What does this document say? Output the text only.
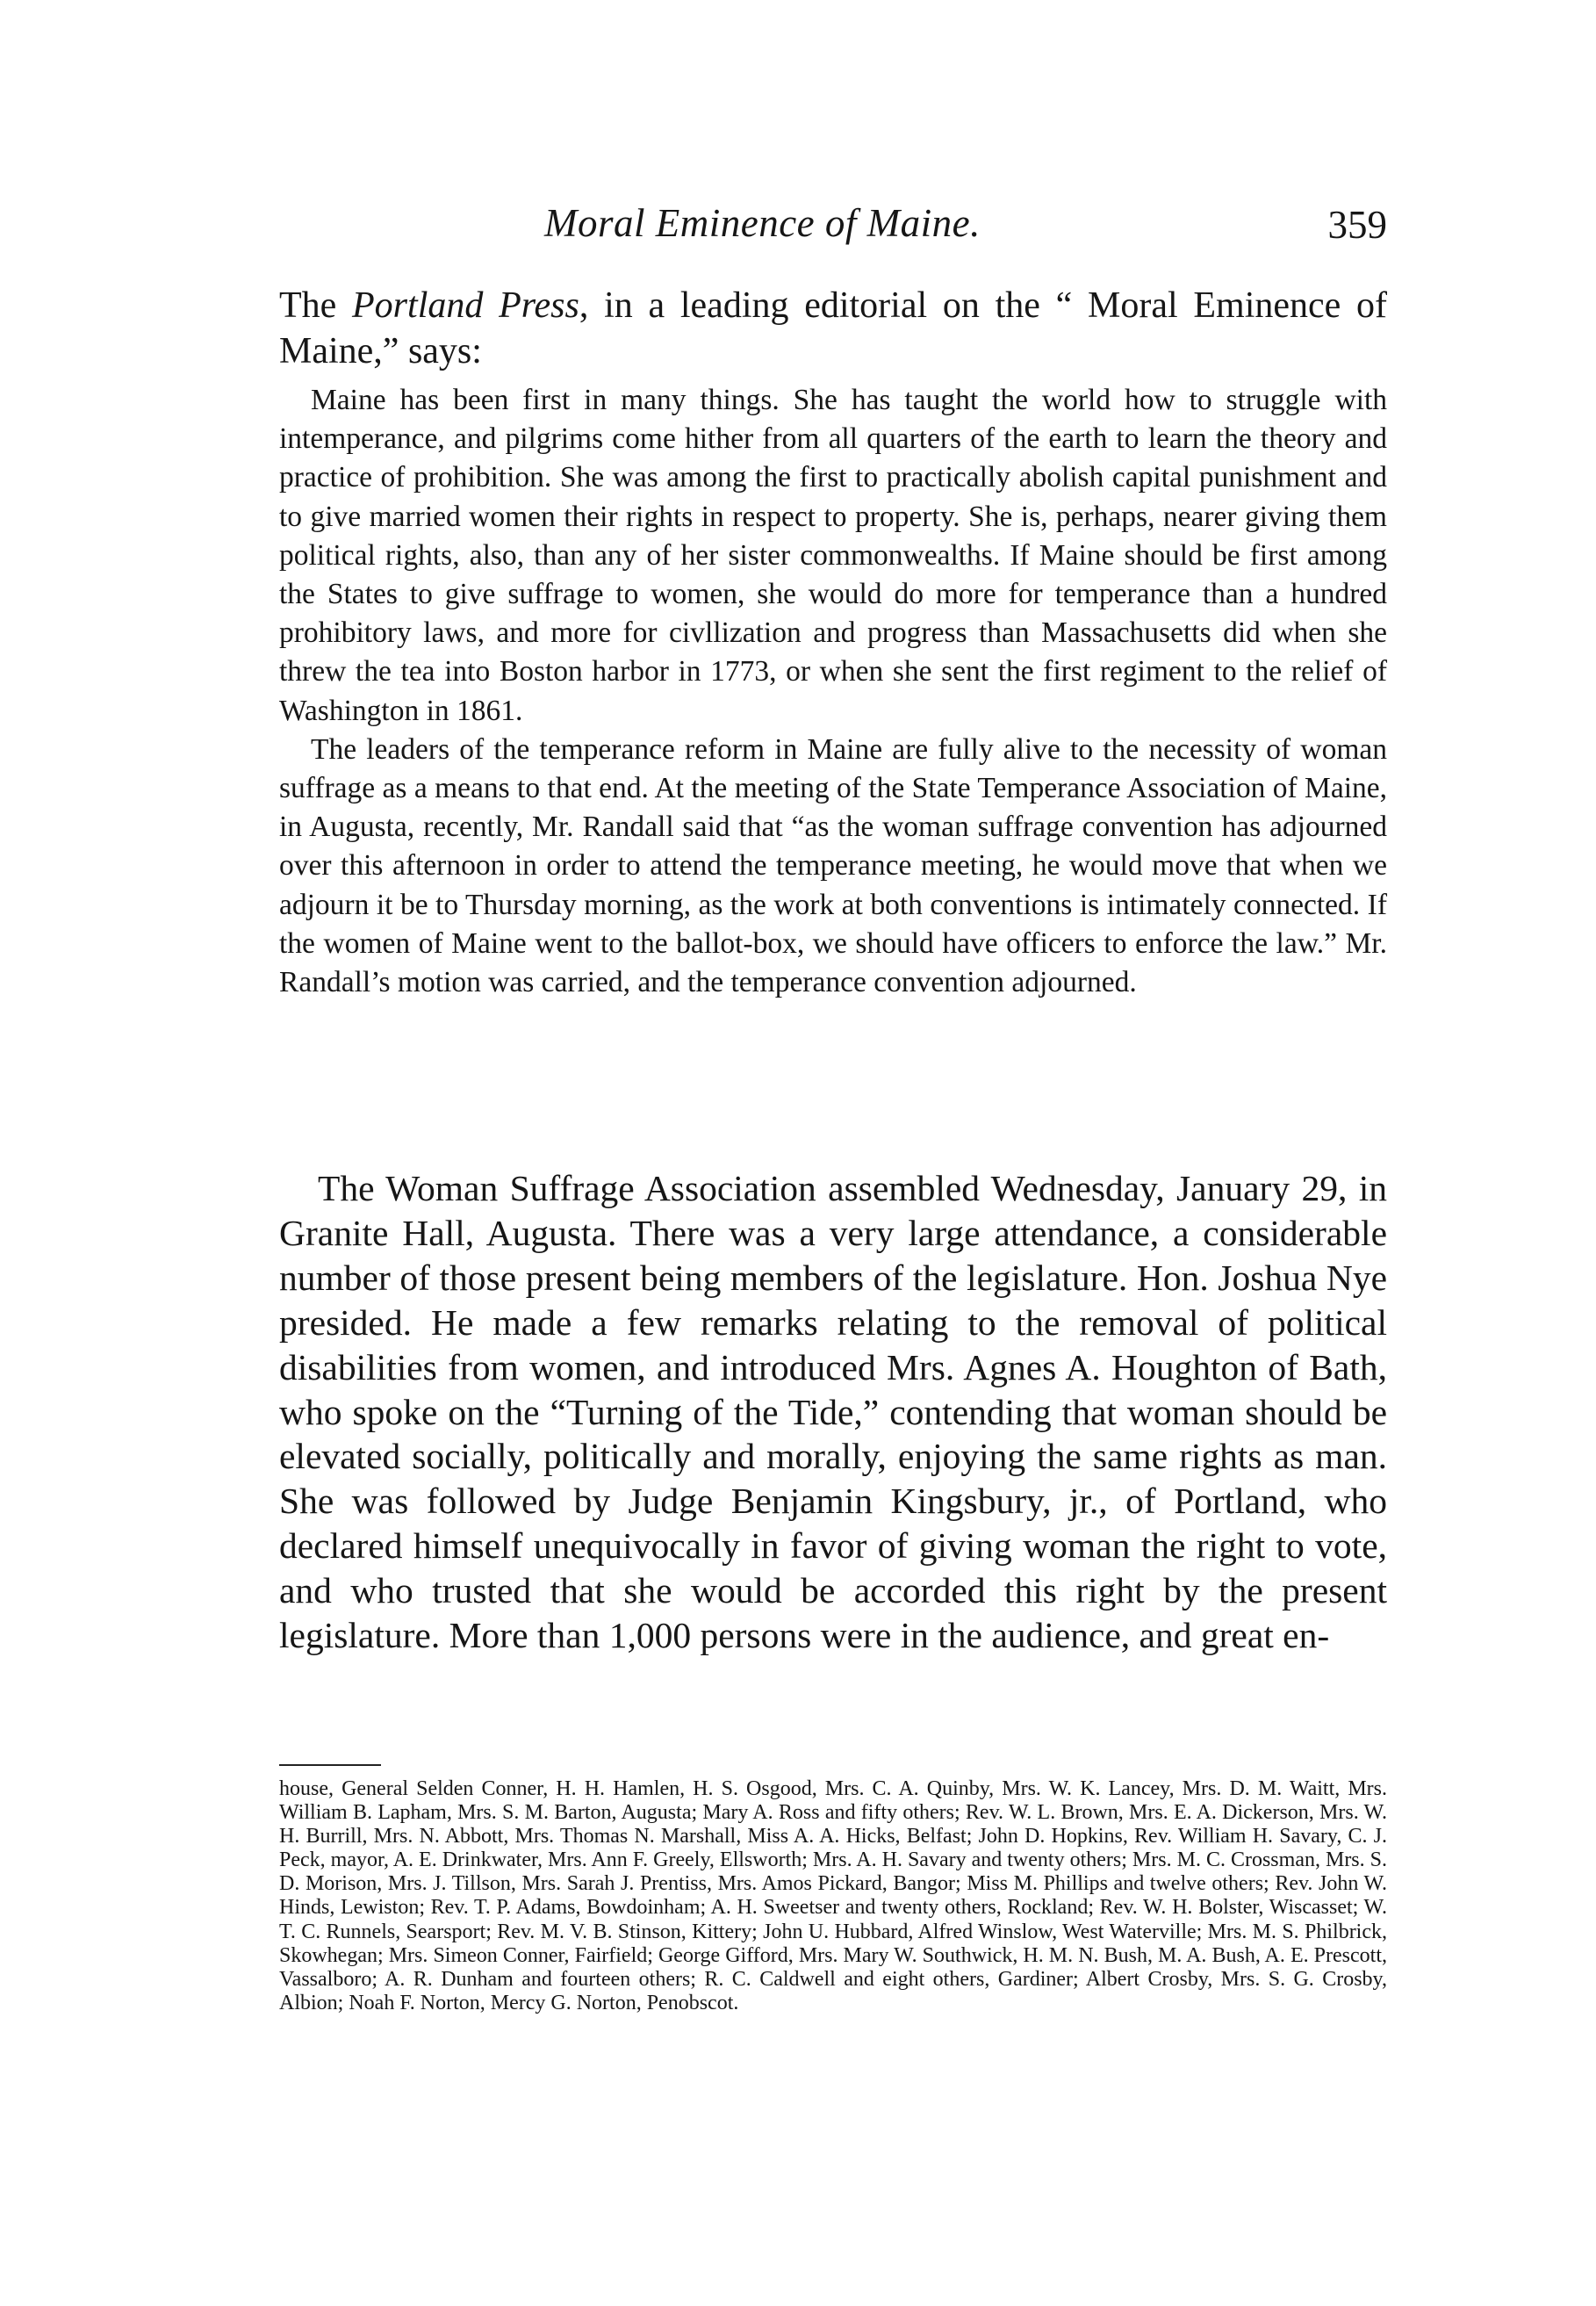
Moral Eminence of Maine.	359

The Portland Press, in a leading editorial on the “ Moral Eminence of Maine,” says:

Maine has been first in many things. She has taught the world how to struggle with intemperance, and pilgrims come hither from all quarters of the earth to learn the theory and practice of prohibition. She was among the first to practically abolish capital punishment and to give married women their rights in respect to property. She is, perhaps, nearer giving them political rights, also, than any of her sister commonwealths. If Maine should be first among the States to give suffrage to women, she would do more for temperance than a hundred prohibitory laws, and more for civllization and progress than Massachusetts did when she threw the tea into Boston harbor in 1773, or when she sent the first regiment to the relief of Washington in 1861.

The leaders of the temperance reform in Maine are fully alive to the necessity of woman suffrage as a means to that end. At the meeting of the State Temperance Association of Maine, in Augusta, recently, Mr. Randall said that “as the woman suffrage convention has adjourned over this afternoon in order to attend the temperance meeting, he would move that when we adjourn it be to Thursday morning, as the work at both conventions is intimately connected. If the women of Maine went to the ballot-box, we should have officers to enforce the law.” Mr. Randall’s motion was carried, and the temperance convention adjourned.

The Woman Suffrage Association assembled Wednesday, January 29, in Granite Hall, Augusta. There was a very large attendance, a considerable number of those present being members of the legislature. Hon. Joshua Nye presided. He made a few remarks relating to the removal of political disabilities from women, and introduced Mrs. Agnes A. Houghton of Bath, who spoke on the “Turning of the Tide,” contending that woman should be elevated socially, politically and morally, enjoying the same rights as man. She was followed by Judge Benjamin Kingsbury, jr., of Portland, who declared himself unequivocally in favor of giving woman the right to vote, and who trusted that she would be accorded this right by the present legislature. More than 1,000 persons were in the audience, and great en-

house, General Selden Conner, H. H. Hamlen, H. S. Osgood, Mrs. C. A. Quinby, Mrs. W. K. Lancey, Mrs. D. M. Waitt, Mrs. William B. Lapham, Mrs. S. M. Barton, Augusta; Mary A. Ross and fifty others; Rev. W. L. Brown, Mrs. E. A. Dickerson, Mrs. W. H. Burrill, Mrs. N. Abbott, Mrs. Thomas N. Marshall, Miss A. A. Hicks, Belfast; John D. Hopkins, Rev. William H. Savary, C. J. Peck, mayor, A. E. Drinkwater, Mrs. Ann F. Greely, Ellsworth; Mrs. A. H. Savary and twenty others; Mrs. M. C. Crossman, Mrs. S. D. Morison, Mrs. J. Tillson, Mrs. Sarah J. Prentiss, Mrs. Amos Pickard, Bangor; Miss M. Phillips and twelve others; Rev. John W. Hinds, Lewiston; Rev. T. P. Adams, Bowdoinham; A. H. Sweetser and twenty others, Rockland; Rev. W. H. Bolster, Wiscasset; W. T. C. Runnels, Searsport; Rev. M. V. B. Stinson, Kittery; John U. Hubbard, Alfred Winslow, West Waterville; Mrs. M. S. Philbrick, Skowhegan; Mrs. Simeon Conner, Fairfield; George Gifford, Mrs. Mary W. Southwick, H. M. N. Bush, M. A. Bush, A. E. Prescott, Vassalboro; A. R. Dunham and fourteen others; R. C. Caldwell and eight others, Gardiner; Albert Crosby, Mrs. S. G. Crosby, Albion; Noah F. Norton, Mercy G. Norton, Penobscot.
